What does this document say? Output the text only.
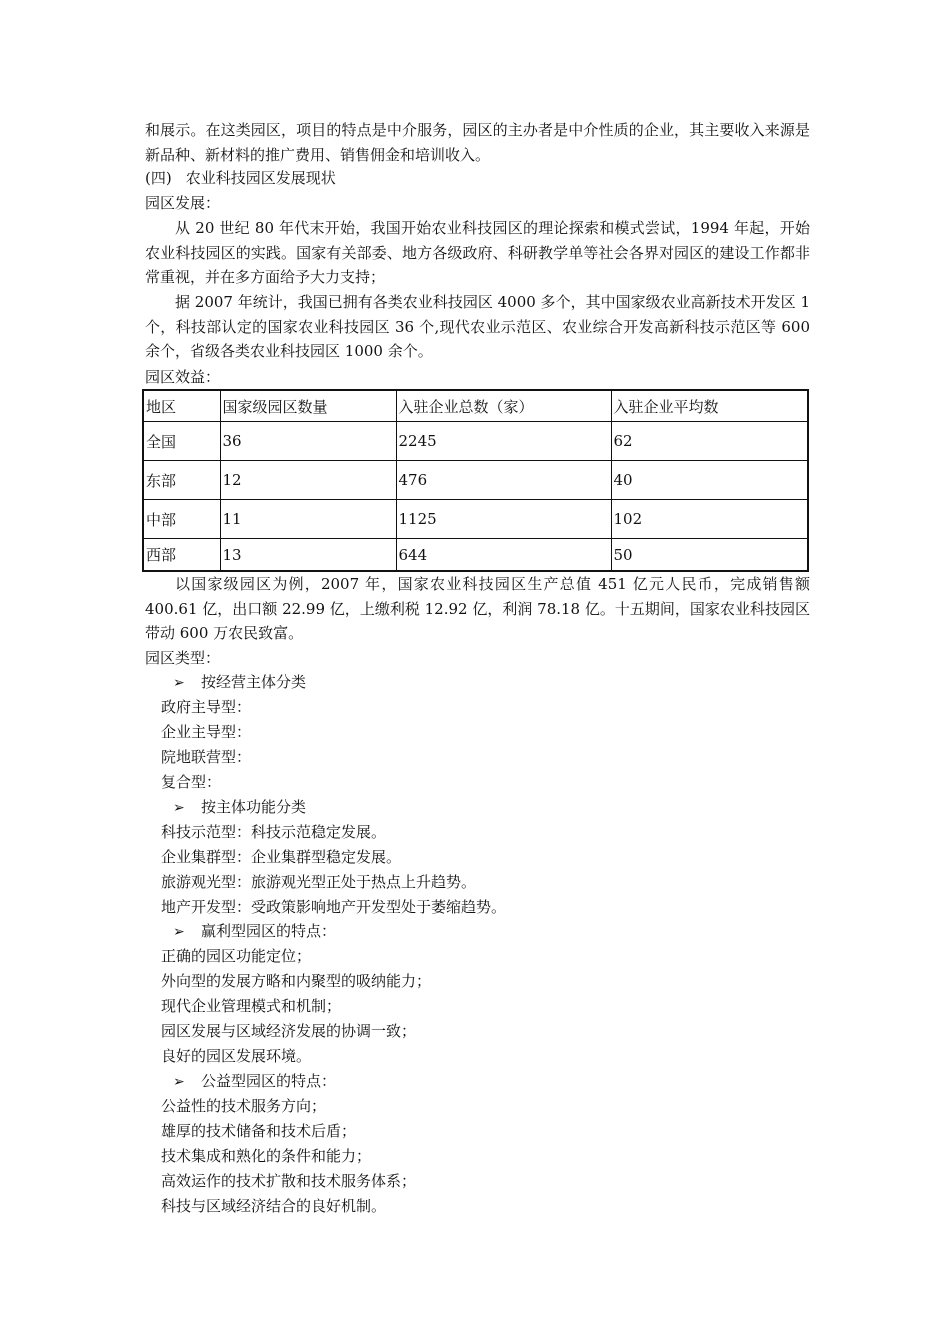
和展示。在这类园区，项目的特点是中介服务，园区的主办者是中介性质的企业，其主要收入来源是新品种、新材料的推广费用、销售佣金和培训收入。
(四) 农业科技园区发展现状
园区发展：
从 20 世纪 80 年代末开始，我国开始农业科技园区的理论探索和模式尝试，1994 年起，开始农业科技园区的实践。国家有关部委、地方各级政府、科研教学单等社会各界对园区的建设工作都非常重视，并在多方面给予大力支持；
据 2007 年统计，我国已拥有各类农业科技园区 4000 多个，其中国家级农业高新技术开发区 1 个，科技部认定的国家农业科技园区 36 个,现代农业示范区、农业综合开发高新科技示范区等 600 余个，省级各类农业科技园区 1000 余个。
园区效益：
地区	国家级园区数量	入驻企业总数（家）	入驻企业平均数
全国	36	2245	62
东部	12	476	40
中部	11	1125	102
西部	13	644	50
以国家级园区为例，2007 年，国家农业科技园区生产总值 451 亿元人民币，完成销售额 400.61 亿，出口额 22.99 亿，上缴利税 12.92 亿，利润 78.18 亿。十五期间，国家农业科技园区带动 600 万农民致富。
园区类型：
➢ 按经营主体分类
政府主导型：
企业主导型：
院地联营型：
复合型：
➢ 按主体功能分类
科技示范型：科技示范稳定发展。
企业集群型：企业集群型稳定发展。
旅游观光型：旅游观光型正处于热点上升趋势。
地产开发型：受政策影响地产开发型处于萎缩趋势。
➢ 赢利型园区的特点：
正确的园区功能定位；
外向型的发展方略和内聚型的吸纳能力；
现代企业管理模式和机制；
园区发展与区域经济发展的协调一致；
良好的园区发展环境。
➢ 公益型园区的特点：
公益性的技术服务方向；
雄厚的技术储备和技术后盾；
技术集成和熟化的条件和能力；
高效运作的技术扩散和技术服务体系；
科技与区域经济结合的良好机制。
